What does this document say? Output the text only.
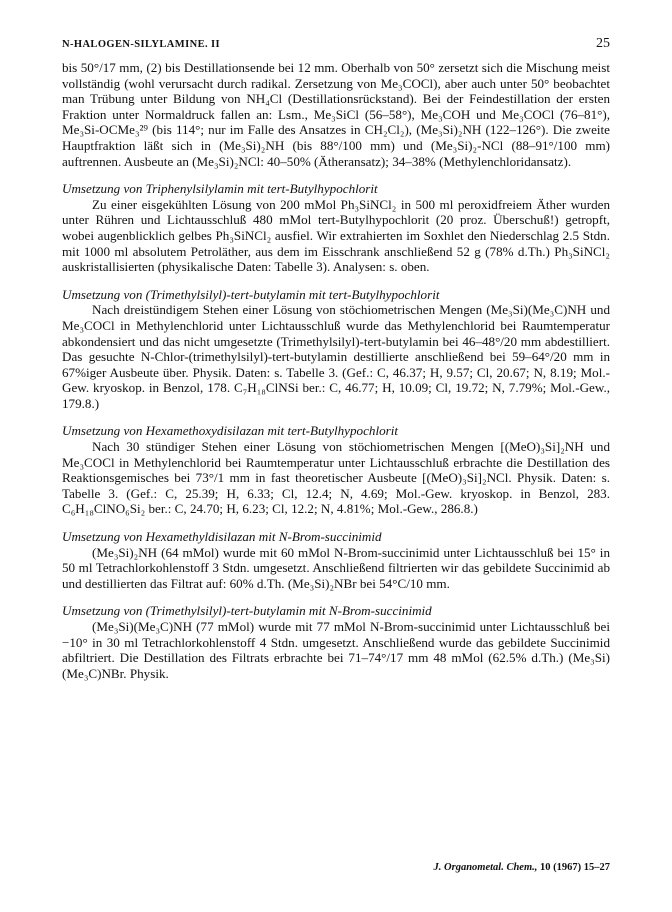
N-HALOGEN-SILYLAMINE. II	25

bis 50°/17 mm, (2) bis Destillationsende bei 12 mm. Oberhalb von 50° zersetzt sich die Mischung meist vollständig (wohl verursacht durch radikal. Zersetzung von Me₃COCl), aber auch unter 50° beobachtet man Trübung unter Bildung von NH₄Cl (Destillationsrückstand). Bei der Feindestillation der ersten Fraktion unter Normaldruck fallen an: Lsm., Me₃SiCl (56–58°), Me₃COH und Me₃COCl (76–81°), Me₃Si-OCMe₃²⁹ (bis 114°; nur im Falle des Ansatzes in CH₂Cl₂), (Me₃Si)₂NH (122–126°). Die zweite Hauptfraktion läßt sich in (Me₃Si)₂NH (bis 88°/100 mm) und (Me₃Si)₂-NCl (88–91°/100 mm) auftrennen. Ausbeute an (Me₃Si)₂NCl: 40–50% (Ätheransatz); 34–38% (Methylenchloridansatz).

Umsetzung von Triphenylsilylamin mit tert-Butylhypochlorit

Zu einer eisgekühlten Lösung von 200 mMol Ph₃SiNCl₂ in 500 ml peroxidfreiem Äther wurden unter Rühren und Lichtausschluß 480 mMol tert-Butylhypochlorit (20 proz. Überschuß!) getropft, wobei augenblicklich gelbes Ph₃SiNCl₂ ausfiel. Wir extrahierten im Soxhlet den Niederschlag 2.5 Stdn. mit 1000 ml absolutem Petroläther, aus dem im Eisschrank anschließend 52 g (78% d.Th.) Ph₃SiNCl₂ auskristallisierten (physikalische Daten: Tabelle 3). Analysen: s. oben.

Umsetzung von (Trimethylsilyl)-tert-butylamin mit tert-Butylhypochlorit

Nach dreistündigem Stehen einer Lösung von stöchiometrischen Mengen (Me₃Si)(Me₃C)NH und Me₃COCl in Methylenchlorid unter Lichtausschluß wurde das Methylenchlorid bei Raumtemperatur abkondensiert und das nicht umgesetzte (Trimethylsilyl)-tert-butylamin bei 46–48°/20 mm abdestilliert. Das gesuchte N-Chlor-(trimethylsilyl)-tert-butylamin destillierte anschließend bei 59–64°/20 mm in 67%iger Ausbeute über. Physik. Daten: s. Tabelle 3. (Gef.: C, 46.37; H, 9.57; Cl, 20.67; N, 8.19; Mol.-Gew. kryoskop. in Benzol, 178. C₇H₁₈ClNSi ber.: C, 46.77; H, 10.09; Cl, 19.72; N, 7.79%; Mol.-Gew., 179.8.)

Umsetzung von Hexamethoxydisilazan mit tert-Butylhypochlorit

Nach 30 stündiger Stehen einer Lösung von stöchiometrischen Mengen [(MeO)₃Si]₂NH und Me₃COCl in Methylenchlorid bei Raumtemperatur unter Lichtausschluß erbrachte die Destillation des Reaktionsgemisches bei 73°/1 mm in fast theoretischer Ausbeute [(MeO)₃Si]₂NCl. Physik. Daten: s. Tabelle 3. (Gef.: C, 25.39; H, 6.33; Cl, 12.4; N, 4.69; Mol.-Gew. kryoskop. in Benzol, 283. C₆H₁₈ClNO₆Si₂ ber.: C, 24.70; H, 6.23; Cl, 12.2; N, 4.81%; Mol.-Gew., 286.8.)

Umsetzung von Hexamethyldisilazan mit N-Brom-succinimid

(Me₃Si)₂NH (64 mMol) wurde mit 60 mMol N-Brom-succinimid unter Lichtausschluß bei 15° in 50 ml Tetrachlorkohlenstoff 3 Stdn. umgesetzt. Anschließend filtrierten wir das gebildete Succinimid ab und destillierten das Filtrat auf: 60% d.Th. (Me₃Si)₂NBr bei 54°C/10 mm.

Umsetzung von (Trimethylsilyl)-tert-butylamin mit N-Brom-succinimid

(Me₃Si)(Me₃C)NH (77 mMol) wurde mit 77 mMol N-Brom-succinimid unter Lichtausschluß bei −10° in 30 ml Tetrachlorkohlenstoff 4 Stdn. umgesetzt. Anschließend wurde das gebildete Succinimid abfiltriert. Die Destillation des Filtrats erbrachte bei 71–74°/17 mm 48 mMol (62.5% d.Th.) (Me₃Si)(Me₃C)NBr. Physik.

J. Organometal. Chem., 10 (1967) 15–27
